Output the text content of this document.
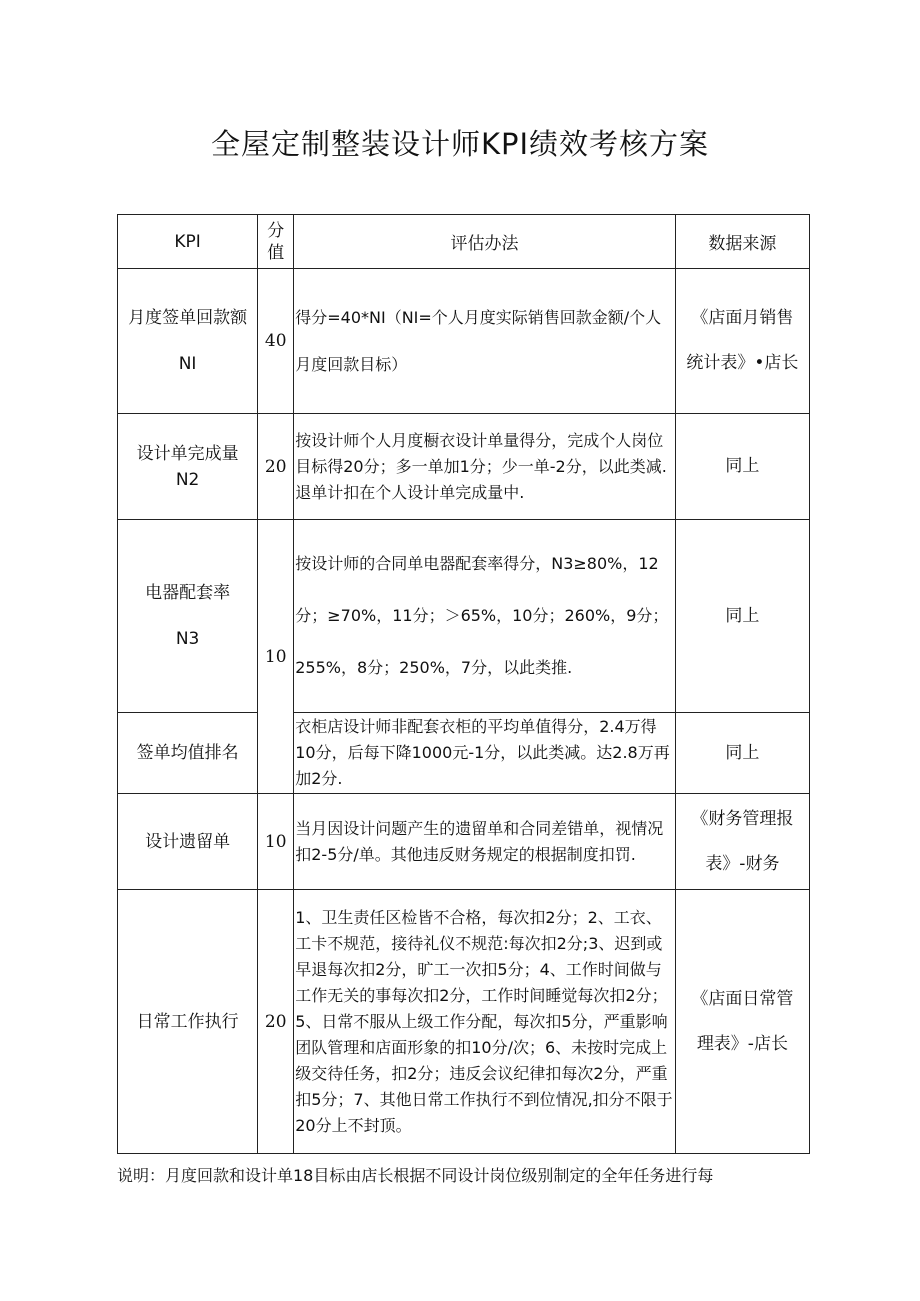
全屋定制整装设计师KPI绩效考核方案
KPI	分值	评估办法	数据来源
月度签单回款额NI	40	得分=40*NI（NI=个人月度实际销售回款金额/个人月度回款目标）	《店面月销售统计表》•店长
设计单完成量N2	20	按设计师个人月度橱衣设计单量得分，完成个人岗位目标得20分；多一单加1分；少一单-2分，以此类减.退单计扣在个人设计单完成量中.	同上
电器配套率N3	10	按设计师的合同单电器配套率得分，N3≥80%，12分；≥70%，11分；＞65%，10分；260%，9分；255%，8分；250%，7分，以此类推.	同上
签单均值排名		衣柜店设计师非配套衣柜的平均单值得分，2.4万得10分，后每下降1000元-1分，以此类减。达2.8万再加2分.	同上
设计遗留单	10	当月因设计问题产生的遗留单和合同差错单，视情况扣2-5分/单。其他违反财务规定的根据制度扣罚.	《财务管理报表》-财务
日常工作执行	20	1、卫生责任区检皆不合格，每次扣2分；2、工衣、工卡不规范，接待礼仪不规范:每次扣2分;3、迟到或早退每次扣2分，旷工一次扣5分；4、工作时间做与工作无关的事每次扣2分，工作时间睡觉每次扣2分；5、日常不服从上级工作分配，每次扣5分，严重影响团队管理和店面形象的扣10分/次；6、未按时完成上级交待任务，扣2分；违反会议纪律扣每次2分，严重扣5分；7、其他日常工作执行不到位情况,扣分不限于20分上不封顶。	《店面日常管理表》-店长
说明：月度回款和设计单18目标由店长根据不同设计岗位级别制定的全年任务进行每
